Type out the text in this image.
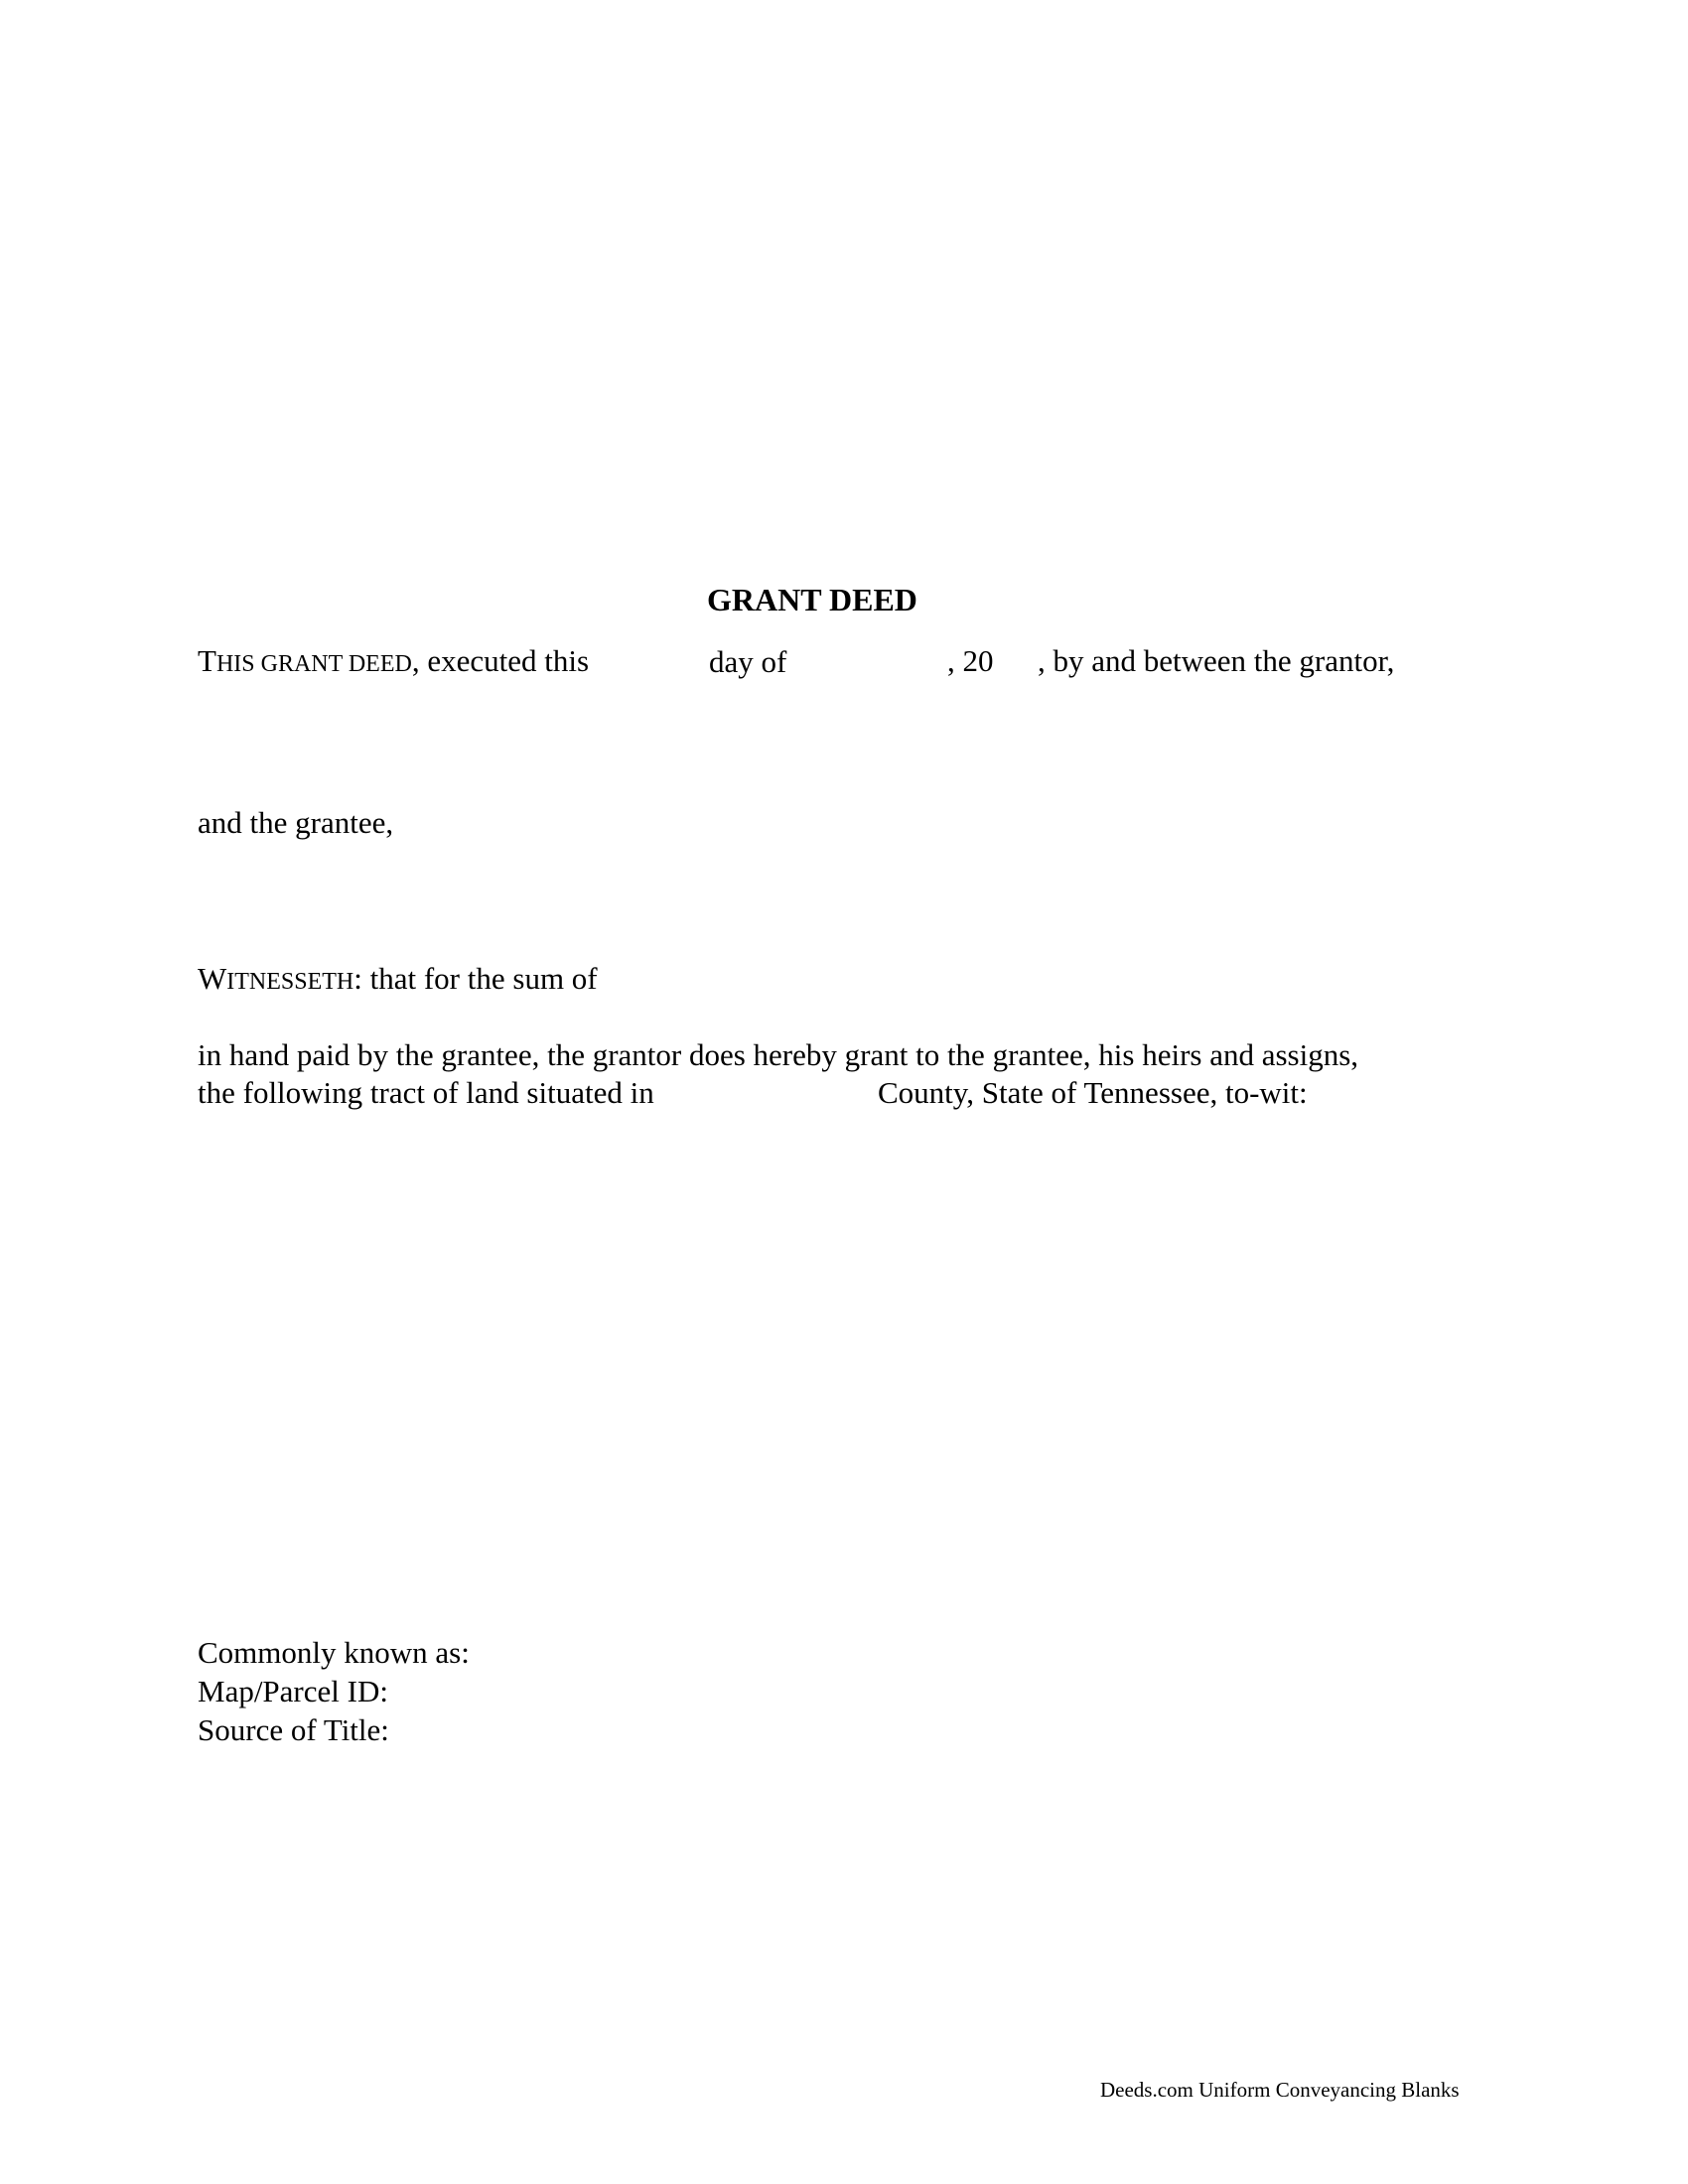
GRANT DEED
THIS GRANT DEED, executed this	day of	, 20 , by and between the grantor,
and the grantee,
WITNESSETH: that for the sum of
in hand paid by the grantee, the grantor does hereby grant to the grantee, his heirs and assigns,
the following tract of land situated in	County, State of Tennessee, to-wit:
Commonly known as:
Map/Parcel ID:
Source of Title:
Deeds.com Uniform Conveyancing Blanks
